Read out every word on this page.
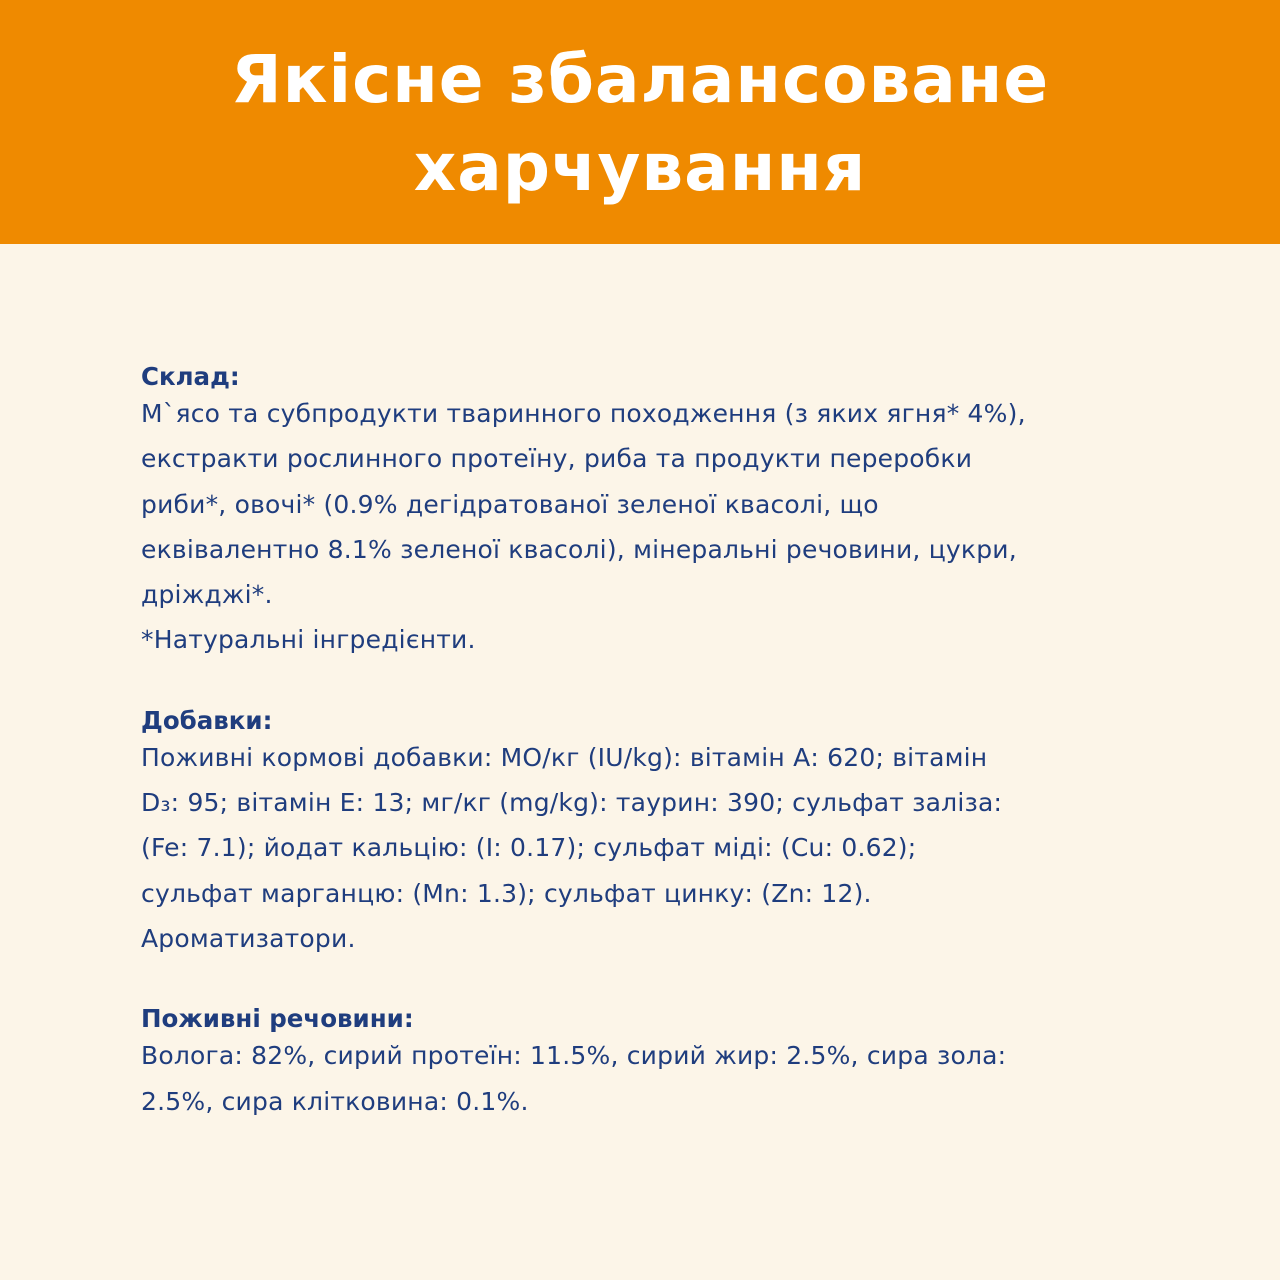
Якісне збалансоване
харчування

Склад:

М`ясо та субпродукти тваринного походження (з яких ягня* 4%),

екстракти рослинного протеїну, риба та продукти переробки

риби*, овочі* (0.9% дегідратованої зеленої квасолі, що

еквівалентно 8.1% зеленої квасолі), мінеральні речовини, цукри,

дріжджі*.

*Натуральні інгредієнти.

Добавки:

Поживні кормові добавки: МО/кг (IU/kg): вітамін А: 620; вітамін

D₃: 95; вітамін Е: 13; мг/кг (mg/kg): таурин: 390; сульфат заліза:

(Fe: 7.1); йодат кальцію: (I: 0.17); сульфат міді: (Cu: 0.62);

сульфат марганцю: (Mn: 1.3); сульфат цинку: (Zn: 12).

Ароматизатори.

Поживні речовини:

Волога: 82%, сирий протеїн: 11.5%, сирий жир: 2.5%, сира зола:

2.5%, сира клітковина: 0.1%.
